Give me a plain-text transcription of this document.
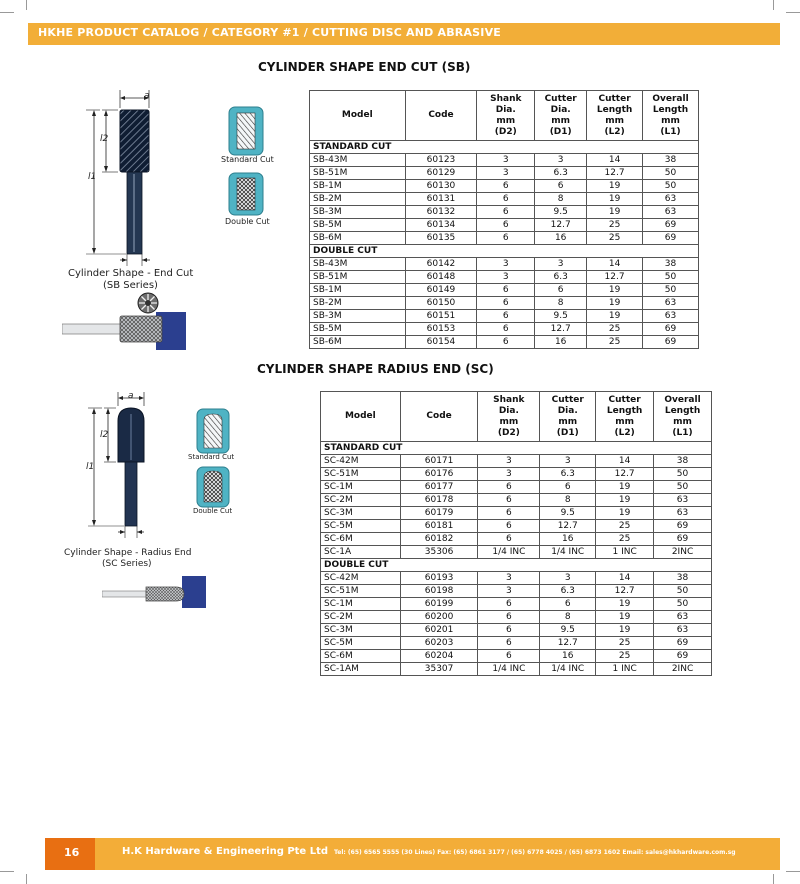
HKHE PRODUCT CATALOG / CATEGORY #1 / CUTTING DISC AND ABRASIVE
CYLINDER SHAPE END CUT (SB)
a
l2
l1
Standard Cut
Double Cut
Cylinder Shape - End Cut
(SB Series)
Model	Code	Shank
Dia.
mm
(D2)	Cutter
Dia.
mm
(D1)	Cutter
Length
mm
(L2)	Overall
Length
mm
(L1)
STANDARD CUT					
SB-43M	60123	3	3	14	38
SB-51M	60129	3	6.3	12.7	50
SB-1M	60130	6	6	19	50
SB-2M	60131	6	8	19	63
SB-3M	60132	6	9.5	19	63
SB-5M	60134	6	12.7	25	69
SB-6M	60135	6	16	25	69
DOUBLE CUT					
SB-43M	60142	3	3	14	38
SB-51M	60148	3	6.3	12.7	50
SB-1M	60149	6	6	19	50
SB-2M	60150	6	8	19	63
SB-3M	60151	6	9.5	19	63
SB-5M	60153	6	12.7	25	69
SB-6M	60154	6	16	25	69
CYLINDER SHAPE RADIUS END (SC)
a
l2
l1
Standard Cut
Double Cut
Cylinder Shape - Radius End
(SC Series)
Model	Code	Shank
Dia.
mm
(D2)	Cutter
Dia.
mm
(D1)	Cutter
Length
mm
(L2)	Overall
Length
mm
(L1)
STANDARD CUT					
SC-42M	60171	3	3	14	38
SC-51M	60176	3	6.3	12.7	50
SC-1M	60177	6	6	19	50
SC-2M	60178	6	8	19	63
SC-3M	60179	6	9.5	19	63
SC-5M	60181	6	12.7	25	69
SC-6M	60182	6	16	25	69
SC-1A	35306	1/4 INC	1/4 INC	1 INC	2INC
DOUBLE CUT					
SC-42M	60193	3	3	14	38
SC-51M	60198	3	6.3	12.7	50
SC-1M	60199	6	6	19	50
SC-2M	60200	6	8	19	63
SC-3M	60201	6	9.5	19	63
SC-5M	60203	6	12.7	25	69
SC-6M	60204	6	16	25	69
SC-1AM	35307	1/4 INC	1/4 INC	1 INC	2INC
16	H.K Hardware & Engineering Pte Ltd Tel: (65) 6565 5555 (30 Lines) Fax: (65) 6861 3177 / (65) 6778 4025 / (65) 6873 1602 Email: sales@hkhardware.com.sg
